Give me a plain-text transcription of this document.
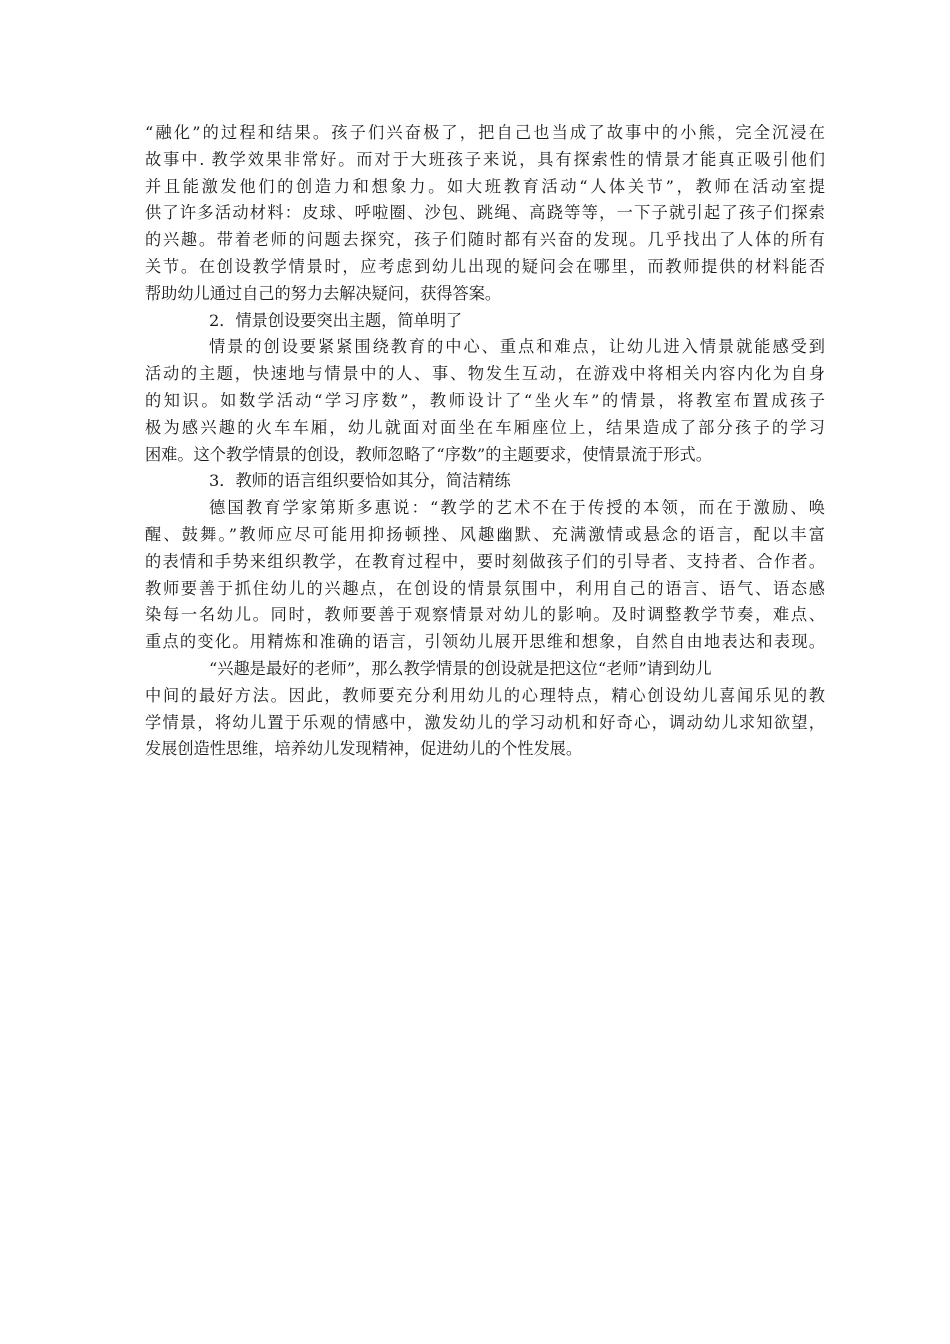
“融化”的过程和结果。孩子们兴奋极了，把自己也当成了故事中的小熊，完全沉浸在
故事中. 教学效果非常好。而对于大班孩子来说，具有探索性的情景才能真正吸引他们
并且能激发他们的创造力和想象力。如大班教育活动“人体关节”，教师在活动室提
供了许多活动材料：皮球、呼啦圈、沙包、跳绳、高跷等等，一下子就引起了孩子们探索
的兴趣。带着老师的问题去探究，孩子们随时都有兴奋的发现。几乎找出了人体的所有
关节。在创设教学情景时，应考虑到幼儿出现的疑问会在哪里，而教师提供的材料能否
帮助幼儿通过自己的努力去解决疑问，获得答案。
2．情景创设要突出主题，简单明了
情景的创设要紧紧围绕教育的中心、重点和难点，让幼儿进入情景就能感受到
活动的主题，快速地与情景中的人、事、物发生互动，在游戏中将相关内容内化为自身
的知识。如数学活动“学习序数”，教师设计了“坐火车”的情景，将教室布置成孩子
极为感兴趣的火车车厢，幼儿就面对面坐在车厢座位上，结果造成了部分孩子的学习
困难。这个教学情景的创设，教师忽略了“序数”的主题要求，使情景流于形式。
3．教师的语言组织要恰如其分，简洁精练
德国教育学家第斯多惠说：“教学的艺术不在于传授的本领，而在于激励、唤
醒、鼓舞。”教师应尽可能用抑扬顿挫、风趣幽默、充满激情或悬念的语言，配以丰富
的表情和手势来组织教学，在教育过程中，要时刻做孩子们的引导者、支持者、合作者。
教师要善于抓住幼儿的兴趣点，在创设的情景氛围中，利用自己的语言、语气、语态感
染每一名幼儿。同时，教师要善于观察情景对幼儿的影响。及时调整教学节奏，难点、
重点的变化。用精炼和准确的语言，引领幼儿展开思维和想象，自然自由地表达和表现。
“兴趣是最好的老师”，那么教学情景的创设就是把这位“老师”请到幼儿
中间的最好方法。因此，教师要充分利用幼儿的心理特点，精心创设幼儿喜闻乐见的教
学情景，将幼儿置于乐观的情感中，激发幼儿的学习动机和好奇心，调动幼儿求知欲望，
发展创造性思维，培养幼儿发现精神，促进幼儿的个性发展。
